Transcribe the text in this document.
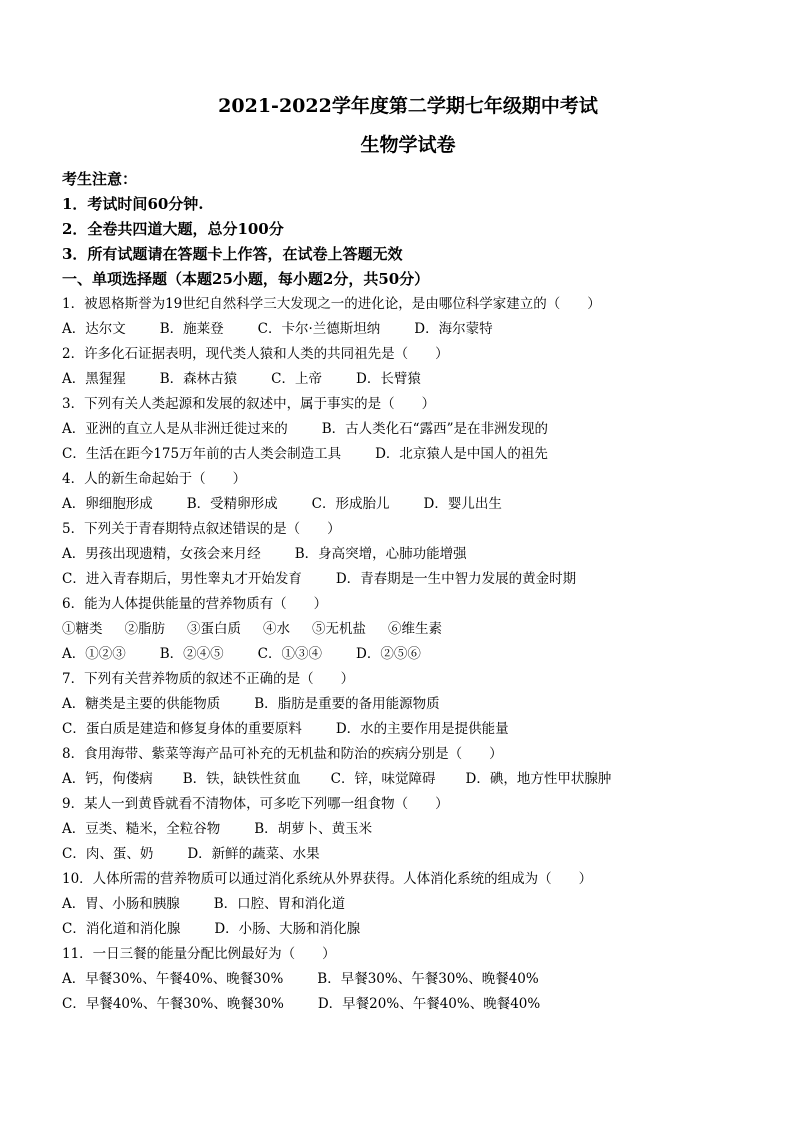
2021-2022学年度第二学期七年级期中考试
生物学试卷
考生注意：
1．考试时间60分钟.
2．全卷共四道大题，总分100分
3．所有试题请在答题卡上作答，在试卷上答题无效
一、单项选择题（本题25小题，每小题2分，共50分）
1．被恩格斯誉为19世纪自然科学三大发现之一的进化论，是由哪位科学家建立的（　　）
A．达尔文	B．施莱登	C．卡尔·兰德斯坦纳	D．海尔蒙特
2．许多化石证据表明，现代类人猿和人类的共同祖先是（　　）
A．黑猩猩	B．森林古猿	C．上帝	D．长臂猿
3．下列有关人类起源和发展的叙述中，属于事实的是（　　）
A．亚洲的直立人是从非洲迁徙过来的	B．古人类化石“露西”是在非洲发现的
C．生活在距今175万年前的古人类会制造工具	D．北京猿人是中国人的祖先
4．人的新生命起始于（　　）
A．卵细胞形成	B．受精卵形成	C．形成胎儿	D．婴儿出生
5．下列关于青春期特点叙述错误的是（　　）
A．男孩出现遗精，女孩会来月经	B．身高突增，心肺功能增强
C．进入青春期后，男性睾丸才开始发育	D．青春期是一生中智力发展的黄金时期
6．能为人体提供能量的营养物质有（　　）
①糖类 ②脂肪 ③蛋白质 ④水 ⑤无机盐 ⑥维生素
A．①②③	B．②④⑤	C．①③④	D．②⑤⑥
7．下列有关营养物质的叙述不正确的是（　　）
A．糖类是主要的供能物质	B．脂肪是重要的备用能源物质
C．蛋白质是建造和修复身体的重要原料	D．水的主要作用是提供能量
8．食用海带、紫菜等海产品可补充的无机盐和防治的疾病分别是（　　）
A．钙，佝偻病 B．铁，缺铁性贫血 C．锌，味觉障碍 D．碘，地方性甲状腺肿
9．某人一到黄昏就看不清物体，可多吃下列哪一组食物（　　）
A．豆类、糙米，全粒谷物	B．胡萝卜、黄玉米
C．肉、蛋、奶	D．新鲜的蔬菜、水果
10．人体所需的营养物质可以通过消化系统从外界获得。人体消化系统的组成为（　　）
A．胃、小肠和胰腺	B．口腔、胃和消化道
C．消化道和消化腺	D．小肠、大肠和消化腺
11．一日三餐的能量分配比例最好为（　　）
A．早餐30%、午餐40%、晚餐30%	B．早餐30%、午餐30%、晚餐40%
C．早餐40%、午餐30%、晚餐30%	D．早餐20%、午餐40%、晚餐40%
